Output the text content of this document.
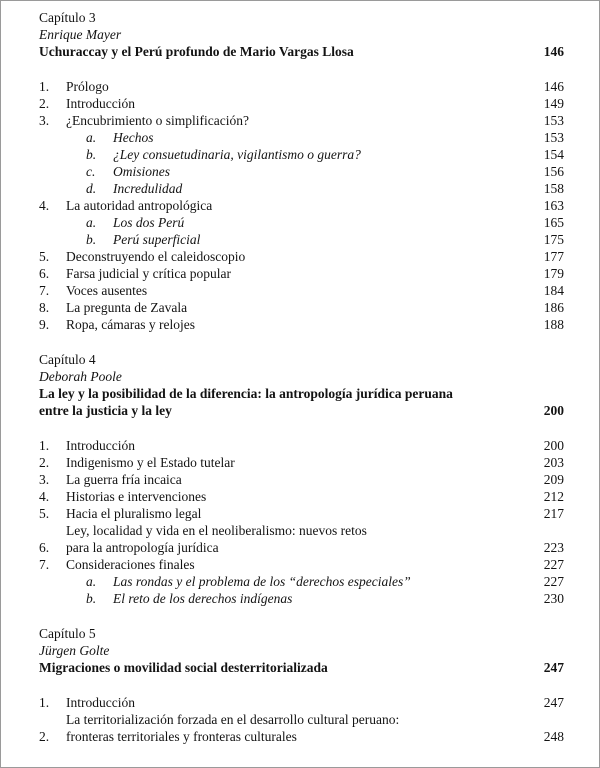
Capítulo 3
Enrique Mayer
Uchuraccay y el Perú profundo de Mario Vargas Llosa	146
1.	Prólogo	146
2.	Introducción	149
3.	¿Encubrimiento o simplificación?	153
a.	Hechos	153
b.	¿Ley consuetudinaria, vigilantismo o guerra?	154
c.	Omisiones	156
d.	Incredulidad	158
4.	La autoridad antropológica	163
a.	Los dos Perú	165
b.	Perú superficial	175
5.	Deconstruyendo el caleidoscopio	177
6.	Farsa judicial y crítica popular	179
7.	Voces ausentes	184
8.	La pregunta de Zavala	186
9.	Ropa, cámaras y relojes	188
Capítulo 4
Deborah Poole
La ley y la posibilidad de la diferencia: la antropología jurídica peruana
entre la justicia y la ley	200
1.	Introducción	200
2.	Indigenismo y el Estado tutelar	203
3.	La guerra fría incaica	209
4.	Historias e intervenciones	212
5.	Hacia el pluralismo legal	217
6.
Ley, localidad y vida en el neoliberalismo: nuevos retos
para la antropología jurídica	223
7.	Consideraciones finales	227
a.	Las rondas y el problema de los “derechos especiales”	227
b.	El reto de los derechos indígenas	230
Capítulo 5
Jürgen Golte
Migraciones o movilidad social desterritorializada	247
1.	Introducción	247
2.
La territorialización forzada en el desarrollo cultural peruano:
fronteras territoriales y fronteras culturales	248
